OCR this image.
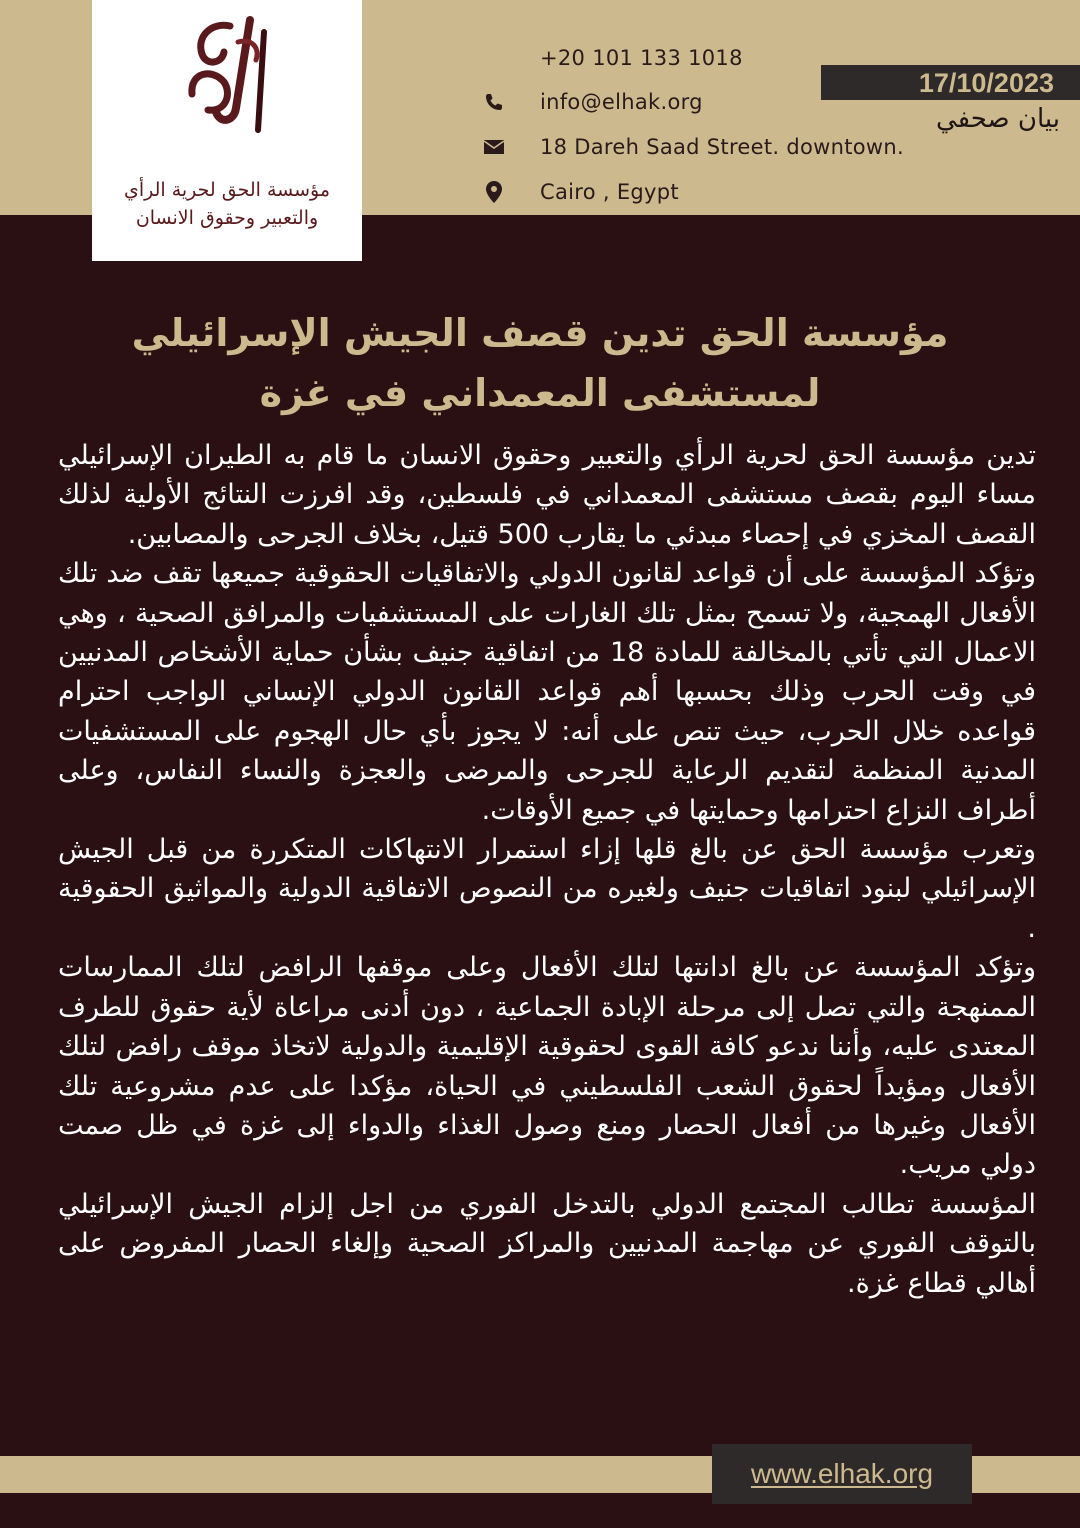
مؤسسة الحق لحرية الرأي
والتعبير وحقوق الانسان
+20 101 133 1018
info@elhak.org
18 Dareh Saad Street. downtown.
Cairo , Egypt
17/10/2023
بيان صحفي
مؤسسة الحق تدين قصف الجيش الإسرائيلي
لمستشفى المعمداني في غزة

تدين مؤسسة الحق لحرية الرأي والتعبير وحقوق الانسان ما قام به الطيران الإسرائيلي مساء اليوم بقصف مستشفى المعمداني في فلسطين، وقد افرزت النتائج الأولية لذلك القصف المخزي في إحصاء مبدئي ما يقارب 500 قتيل، بخلاف الجرحى والمصابين.

وتؤكد المؤسسة على أن قواعد لقانون الدولي والاتفاقيات الحقوقية جميعها تقف ضد تلك الأفعال الهمجية، ولا تسمح بمثل تلك الغارات على المستشفيات والمرافق الصحية ، وهي الاعمال التي تأتي بالمخالفة للمادة 18 من اتفاقية جنيف بشأن حماية الأشخاص المدنيين في وقت الحرب وذلك بحسبها أهم قواعد القانون الدولي الإنساني الواجب احترام قواعده خلال الحرب، حيث تنص على أنه: لا يجوز بأي حال الهجوم على المستشفيات المدنية المنظمة لتقديم الرعاية للجرحى والمرضى والعجزة والنساء النفاس، وعلى أطراف النزاع احترامها وحمايتها في جميع الأوقات.

وتعرب مؤسسة الحق عن بالغ قلها إزاء استمرار الانتهاكات المتكررة من قبل الجيش الإسرائيلي لبنود اتفاقيات جنيف ولغيره من النصوص الاتفاقية الدولية والمواثيق الحقوقية .

وتؤكد المؤسسة عن بالغ ادانتها لتلك الأفعال وعلى موقفها الرافض لتلك الممارسات الممنهجة والتي تصل إلى مرحلة الإبادة الجماعية ، دون أدنى مراعاة لأية حقوق للطرف المعتدى عليه، وأننا ندعو كافة القوى لحقوقية الإقليمية والدولية لاتخاذ موقف رافض لتلك الأفعال ومؤيداً لحقوق الشعب الفلسطيني في الحياة، مؤكدا على عدم مشروعية تلك الأفعال وغيرها من أفعال الحصار ومنع وصول الغذاء والدواء إلى غزة في ظل صمت دولي مريب.

المؤسسة تطالب المجتمع الدولي بالتدخل الفوري من اجل إلزام الجيش الإسرائيلي بالتوقف الفوري عن مهاجمة المدنيين والمراكز الصحية وإلغاء الحصار المفروض على أهالي قطاع غزة.

www.elhak.org
